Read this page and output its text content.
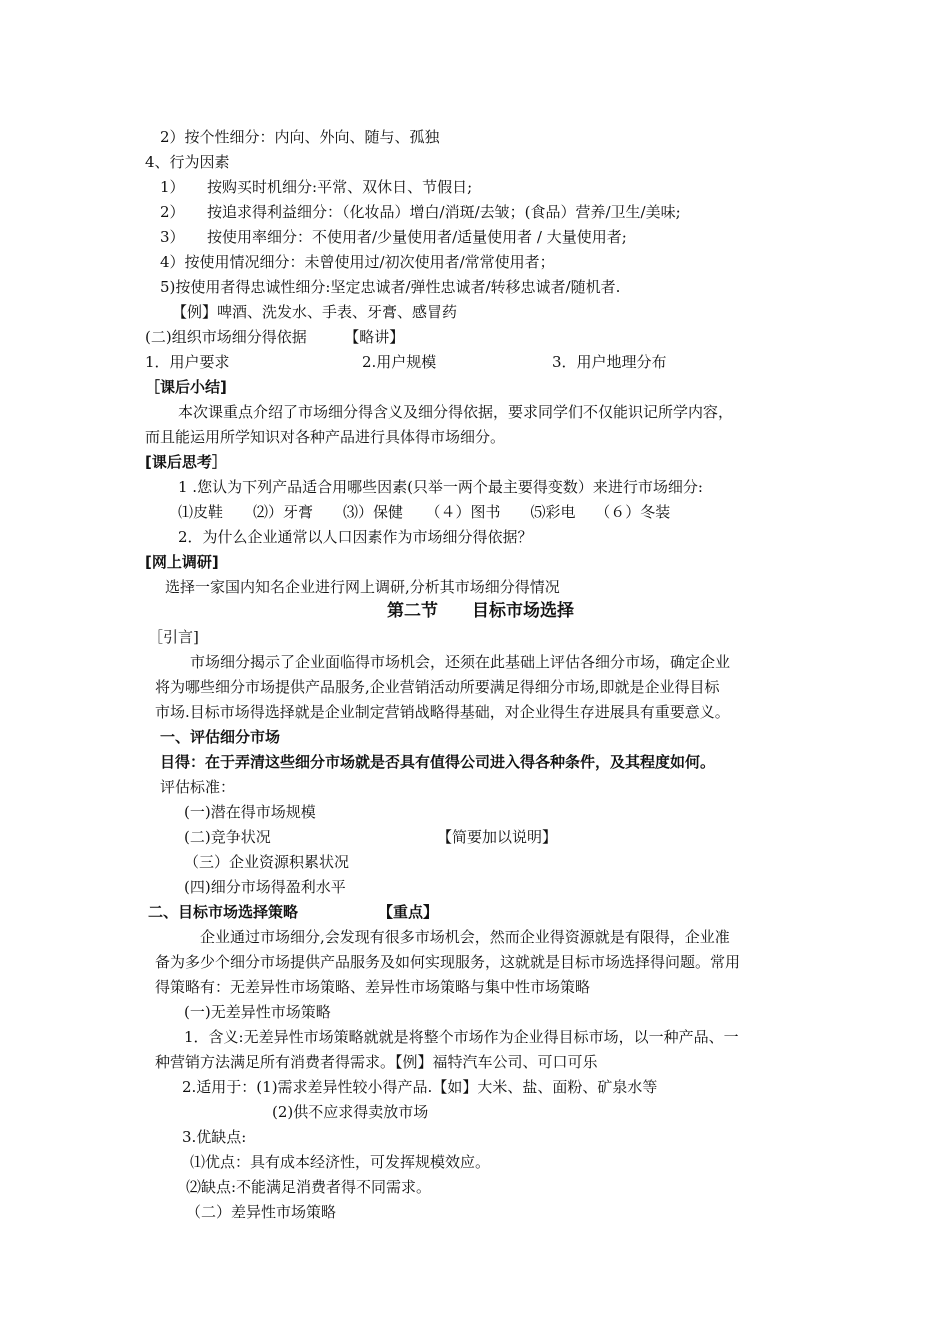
2）按个性细分：内向、外向、随与、孤独
4、行为因素
1）　　按购买时机细分:平常、双休日、节假日;
2）　　按追求得利益细分：（化妆品）增白/消斑/去皱；(食品）营养/卫生/美味;
3）　　按使用率细分：不使用者/少量使用者/适量使用者 / 大量使用者;
4）按使用情况细分：未曾使用过/初次使用者/常常使用者；
5)按使用者得忠诚性细分:坚定忠诚者/弹性忠诚者/转移忠诚者/随机者.
【例】啤酒、洗发水、手表、牙膏、感冒药
(二)组织市场细分得依据　　　【略讲】
1．用户要求	2.用户规模	3．用户地理分布
［课后小结]
本次课重点介绍了市场细分得含义及细分得依据，要求同学们不仅能识记所学内容，
而且能运用所学知识对各种产品进行具体得市场细分。
[课后思考］
1 .您认为下列产品适合用哪些因素(只举一两个最主要得变数）来进行市场细分:
⑴皮鞋　　⑵）牙膏　　⑶）保健　　（４）图书　　⑸彩电　 （６）冬装
2．为什么企业通常以人口因素作为市场细分得依据？
[网上调研]
选择一家国内知名企业进行网上调研,分析其市场细分得情况
第二节　　目标市场选择
［引言]
市场细分揭示了企业面临得市场机会，还须在此基础上评估各细分市场，确定企业
将为哪些细分市场提供产品服务,企业营销活动所要满足得细分市场,即就是企业得目标
市场.目标市场得选择就是企业制定营销战略得基础，对企业得生存进展具有重要意义。
一、评估细分市场
目得：在于弄清这些细分市场就是否具有值得公司进入得各种条件，及其程度如何。
评估标准：
(一)潜在得市场规模
(二)竞争状况	【简要加以说明】
（三）企业资源积累状况
(四)细分市场得盈利水平
二、目标市场选择策略	【重点】
企业通过市场细分,会发现有很多市场机会，然而企业得资源就是有限得，企业准
备为多少个细分市场提供产品服务及如何实现服务，这就就是目标市场选择得问题。常用
得策略有：无差异性市场策略、差异性市场策略与集中性市场策略
(一)无差异性市场策略
1．含义:无差异性市场策略就就是将整个市场作为企业得目标市场，以一种产品、一
种营销方法满足所有消费者得需求。【例】福特汽车公司、可口可乐
2.适用于：(1)需求差异性较小得产品.【如】大米、盐、面粉、矿泉水等
(2)供不应求得卖放市场
3.优缺点:
⑴优点：具有成本经济性，可发挥规模效应。
⑵缺点:不能满足消费者得不同需求。
（二）差异性市场策略
